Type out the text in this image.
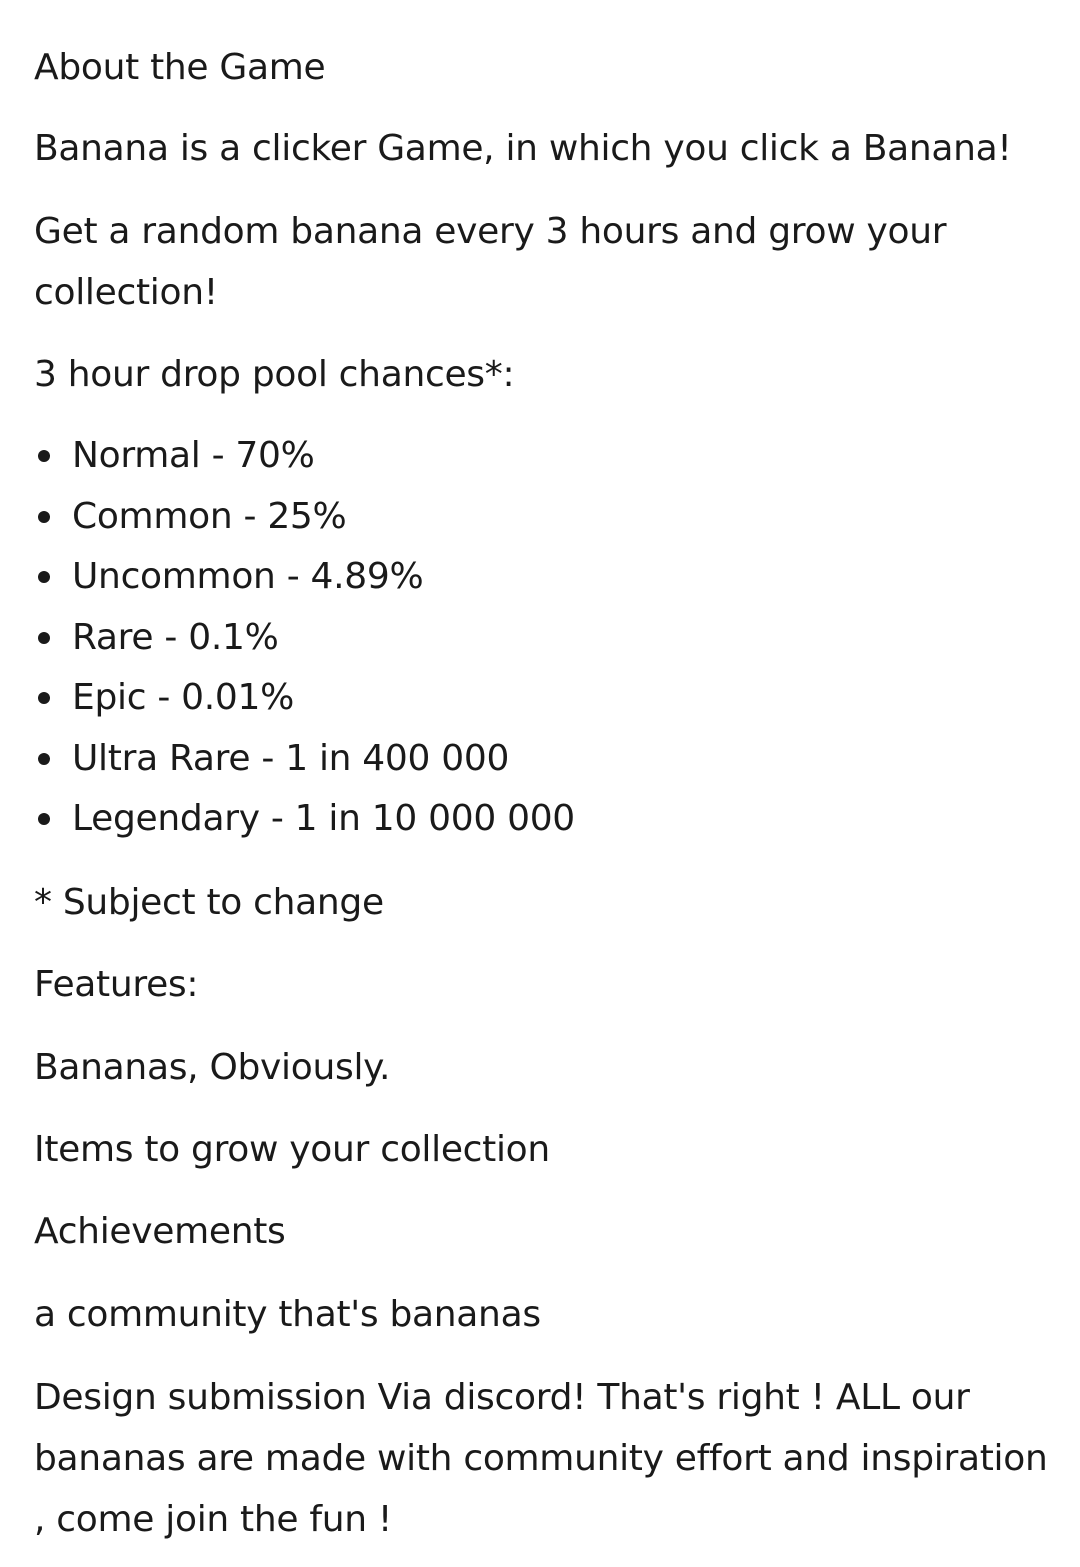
About the Game

Banana is a clicker Game, in which you click a Banana!

Get a random banana every 3 hours and grow your collection!

3 hour drop pool chances*:

Normal - 70%
Common - 25%
Uncommon - 4.89%
Rare - 0.1%
Epic - 0.01%
Ultra Rare - 1 in 400 000
Legendary - 1 in 10 000 000

* Subject to change

Features:

Bananas, Obviously.

Items to grow your collection

Achievements

a community that's bananas

Design submission Via discord! That's right ! ALL our bananas are made with community effort and inspiration , come join the fun !
